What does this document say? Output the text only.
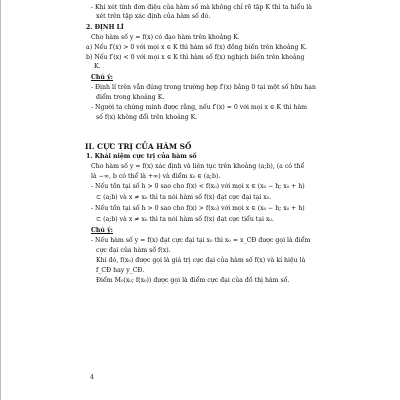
- Khi xét tính đơn điệu của hàm số mà không chỉ rõ tập K thì ta hiểu là
xét trên tập xác định của hàm số đó.
2. ĐỊNH LÍ
Cho hàm số y = f(x) có đạo hàm trên khoảng K.
a) Nếu f′(x) > 0 với mọi x ∈ K thì hàm số f(x) đồng biến trên khoảng K.
b) Nếu f′(x) < 0 với mọi x ∈ K thì hàm số f(x) nghịch biến trên khoảng
K.
Chú ý:
- Định lí trên vẫn đúng trong trường hợp f′(x) bằng 0 tại một số hữu hạn
điểm trong khoảng K.
- Người ta chứng minh được rằng, nếu f′(x) = 0 với mọi x ∈ K thì hàm
số f(x) không đổi trên khoảng K.
II. CỰC TRỊ CỦA HÀM SỐ
1. Khái niệm cực trị của hàm số
Cho hàm số y = f(x) xác định và liên tục trên khoảng (a;b), (a có thể
là −∞, b có thể là +∞) và điểm x₀ ∈ (a;b).
- Nếu tồn tại số h > 0 sao cho f(x) < f(x₀) với mọi x ∈ (x₀ − h; x₀ + h)
⊂ (a;b) và x ≠ x₀ thì ta nói hàm số f(x) đạt cực đại tại x₀.
- Nếu tồn tại số h > 0 sao cho f(x) > f(x₀) với mọi x ∈ (x₀ − h; x₀ + h)
⊂ (a;b) và x ≠ x₀ thì ta nói hàm số f(x) đạt cực tiểu tại x₀.
Chú ý:
- Nếu hàm số y = f(x) đạt cực đại tại x₀ thì x₀ = x_CĐ được gọi là điểm
cực đại của hàm số f(x).
Khi đó, f(x₀) được gọi là giá trị cực đại của hàm số f(x) và kí hiệu là
f_CĐ hay y_CĐ.
Điểm M₀(x₀; f(x₀)) được gọi là điểm cực đại của đồ thị hàm số.
4
